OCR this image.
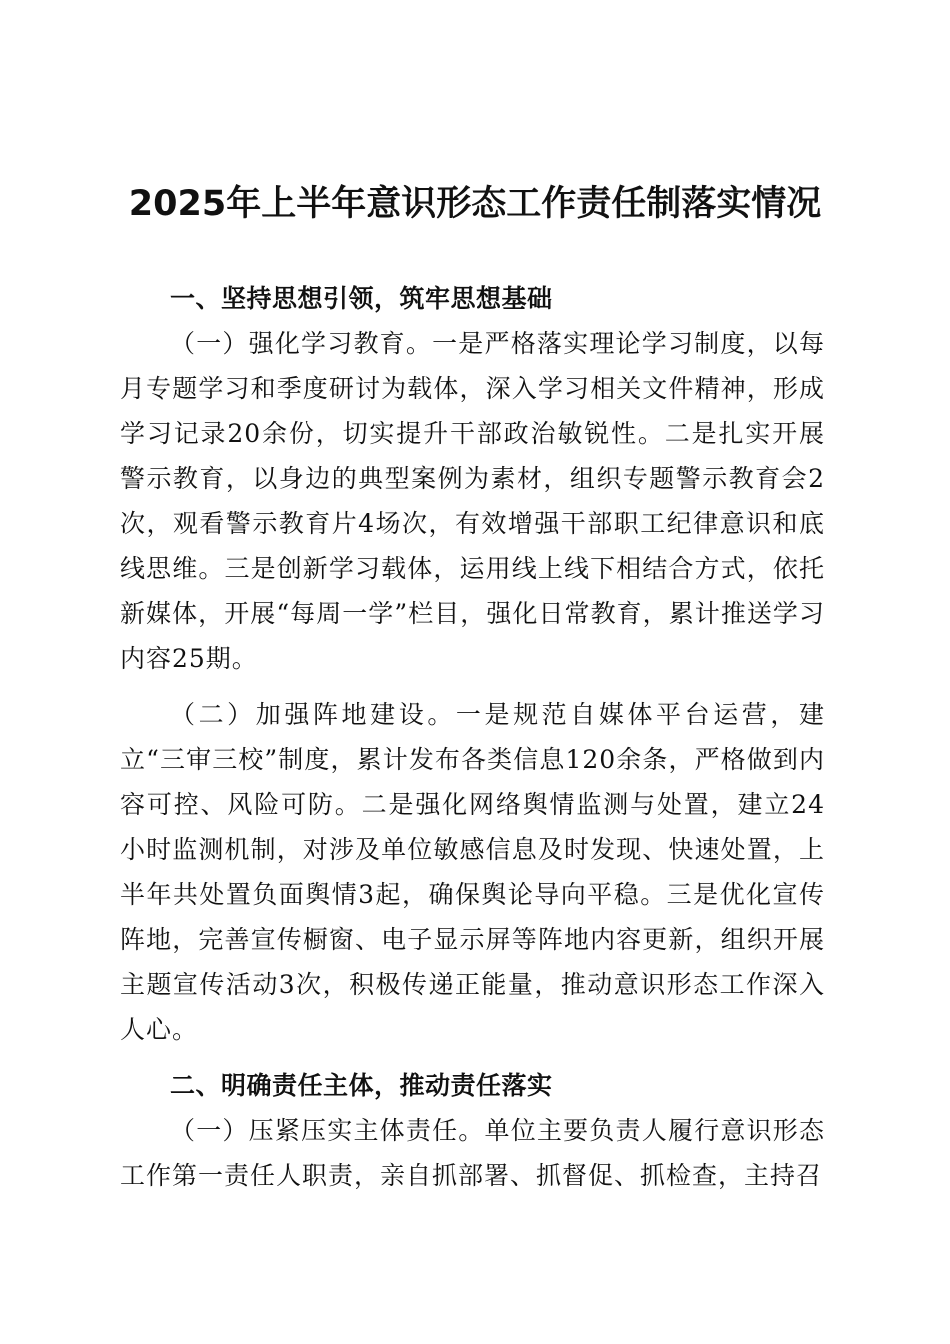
2025年上半年意识形态工作责任制落实情况
一、坚持思想引领，筑牢思想基础

（一）强化学习教育。一是严格落实理论学习制度，以每月专题学习和季度研讨为载体，深入学习相关文件精神，形成学习记录20余份，切实提升干部政治敏锐性。二是扎实开展警示教育，以身边的典型案例为素材，组织专题警示教育会2次，观看警示教育片4场次，有效增强干部职工纪律意识和底线思维。三是创新学习载体，运用线上线下相结合方式，依托新媒体，开展“每周一学”栏目，强化日常教育，累计推送学习内容25期。

（二）加强阵地建设。一是规范自媒体平台运营，建立“三审三校”制度，累计发布各类信息120余条，严格做到内容可控、风险可防。二是强化网络舆情监测与处置，建立24小时监测机制，对涉及单位敏感信息及时发现、快速处置，上半年共处置负面舆情3起，确保舆论导向平稳。三是优化宣传阵地，完善宣传橱窗、电子显示屏等阵地内容更新，组织开展主题宣传活动3次，积极传递正能量，推动意识形态工作深入人心。

二、明确责任主体，推动责任落实

（一）压紧压实主体责任。单位主要负责人履行意识形态工作第一责任人职责，亲自抓部署、抓督促、抓检查，主持召
